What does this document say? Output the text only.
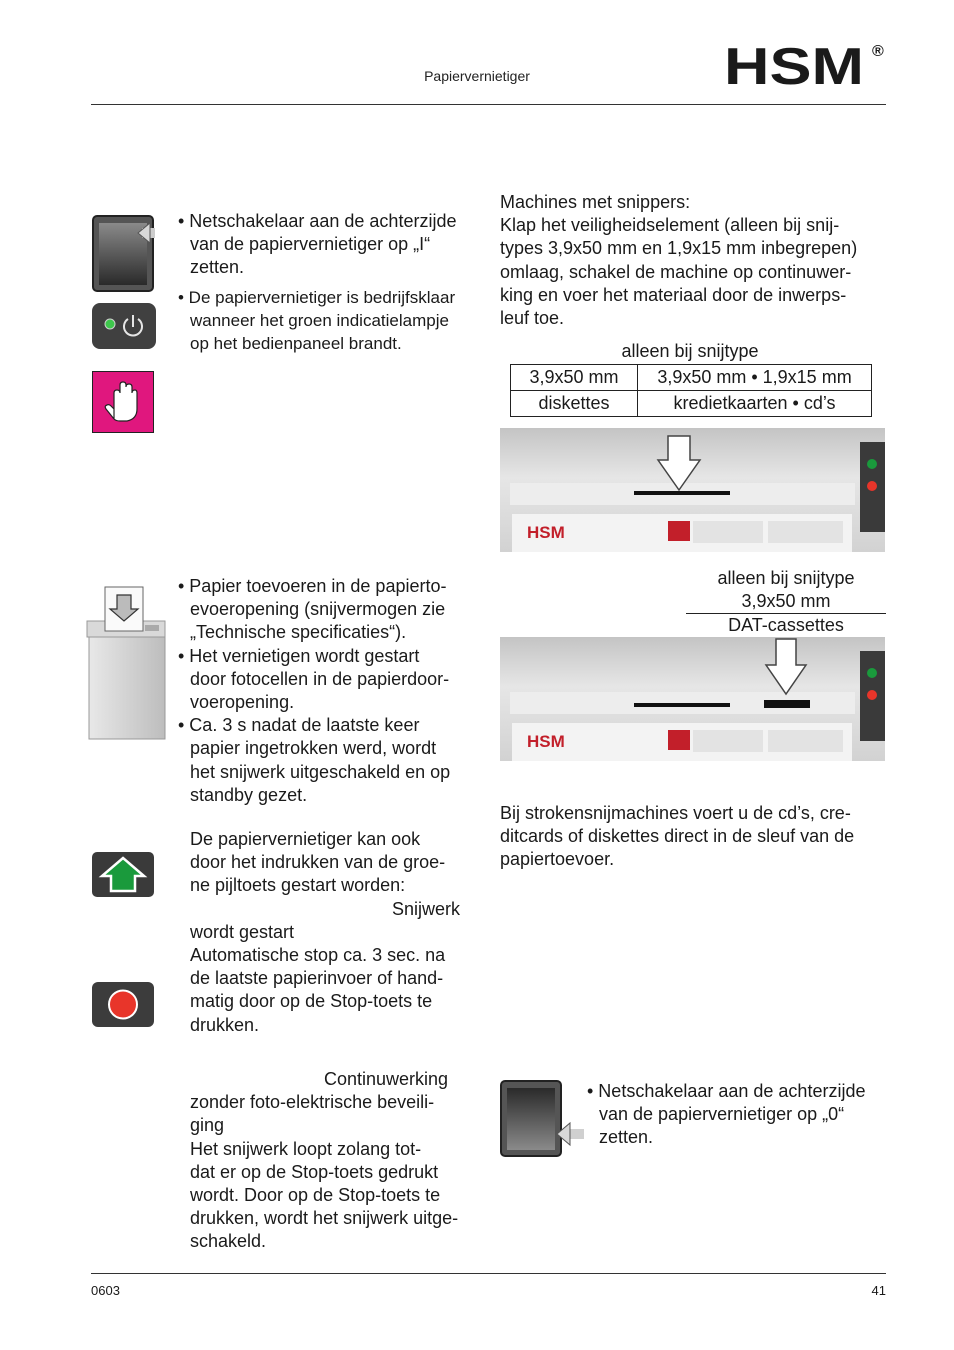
Papiervernietiger	HSM ®
• Netschakelaar aan de achterzijde
van de papiervernietiger op „I“
zetten.
• De papiervernietiger is bedrijfsklaar
wanneer het groen indicatielampje
op het bedienpaneel brandt.
• Papier toevoeren in de papierto-
evoeropening (snijvermogen zie
„Technische specificaties“).
• Het vernietigen wordt gestart
door fotocellen in de papierdoor-
voeropening.
• Ca. 3 s nadat de laatste keer
papier ingetrokken werd, wordt
het snijwerk uitgeschakeld en op
standby gezet.
De papiervernietiger kan ook
door het indrukken van de groe-
ne pijltoets gestart worden:
Snijwerk
wordt gestart
Automatische stop ca. 3 sec. na
de laatste papierinvoer of hand-
matig door op de Stop-toets te
drukken.
Continuwerking
zonder foto-elektrische beveili-
ging
Het snijwerk loopt zolang tot-
dat er op de Stop-toets gedrukt
wordt. Door op de Stop-toets te
drukken, wordt het snijwerk uitge-
schakeld.
Machines met snippers:
Klap het veiligheidselement (alleen bij snij-
types 3,9x50 mm en 1,9x15 mm inbegrepen)
omlaag, schakel de machine op continuwer-
king en voer het materiaal door de inwerps-
leuf toe.
alleen bij snijtype
3,9x50 mm	3,9x50 mm • 1,9x15 mm
diskettes	kredietkaarten • cd’s
HSM
alleen bij snijtype
3,9x50 mm
DAT-cassettes
HSM
Bij strokensnijmachines voert u de cd’s, cre-
ditcards of diskettes direct in de sleuf van de
papiertoevoer.
• Netschakelaar aan de achterzijde
van de papiervernietiger op „0“
zetten.
0603	41
